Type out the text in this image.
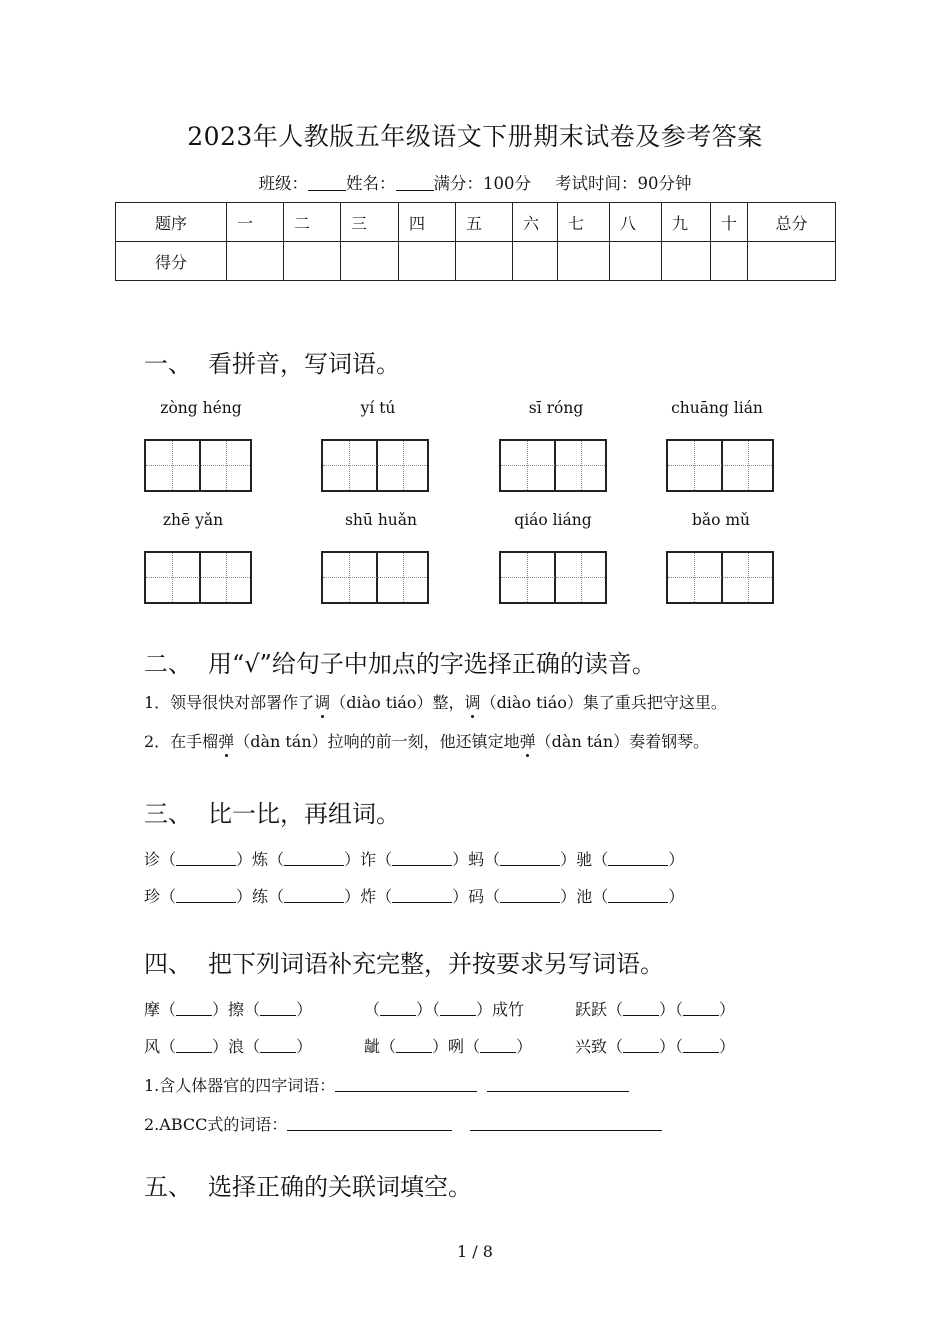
2023年人教版五年级语文下册期末试卷及参考答案
班级： 姓名： 满分：100分 考试时间：90分钟
题序	一	二	三	四	五	六	七	八	九	十	总分
得分											
一、 看拼音，写词语。
zòng héng	yí tú	sī róng	chuāng lián
zhē yǎn	shū huǎn	qiáo liáng	bǎo mǔ
二、 用“√”给句子中加点的字选择正确的读音。
1．领导很快对部署作了调（diào tiáo）整，调（diào tiáo）集了重兵把守这里。
2．在手榴弹（dàn tán）拉响的前一刻，他还镇定地弹（dàn tán）奏着钢琴。
三、 比一比，再组词。
诊（	）炼（	）诈（	）蚂（	）驰（	）
珍（	）练（	）炸（	）码（	）池（	）
四、 把下列词语补充完整，并按要求另写词语。
摩（ ）擦（ ）	（ ）（ ）成竹	跃跃（ ）（ ）
风（ ）浪（ ）	龇（ ）咧（ ）	兴致（ ）（ ）
1.含人体器官的四字词语：
2.ABCC式的词语：
五、 选择正确的关联词填空。
1 / 8
